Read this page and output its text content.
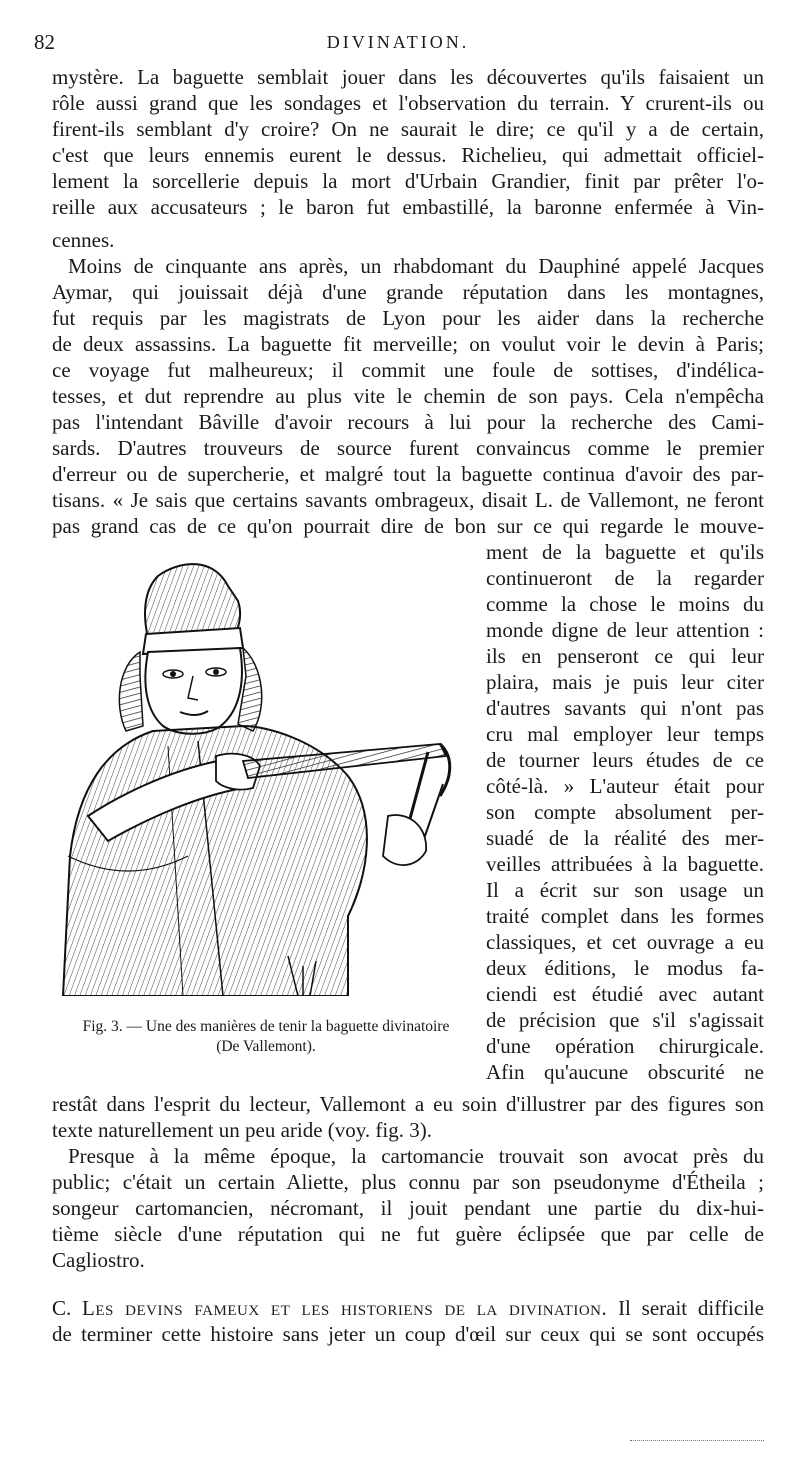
82	DIVINATION.
mystère. La baguette semblait jouer dans les découvertes qu'ils faisaient un
rôle aussi grand que les sondages et l'observation du terrain. Y crurent-ils ou
firent-ils semblant d'y croire? On ne saurait le dire; ce qu'il y a de certain,
c'est que leurs ennemis eurent le dessus. Richelieu, qui admettait officiel-
lement la sorcellerie depuis la mort d'Urbain Grandier, finit par prêter l'o-
reille aux accusateurs ; le baron fut embastillé, la baronne enfermée à Vin-
cennes.
Moins de cinquante ans après, un rhabdomant du Dauphiné appelé Jacques
Aymar, qui jouissait déjà d'une grande réputation dans les montagnes,
fut requis par les magistrats de Lyon pour les aider dans la recherche
de deux assassins. La baguette fit merveille; on voulut voir le devin à Paris;
ce voyage fut malheureux; il commit une foule de sottises, d'indélica-
tesses, et dut reprendre au plus vite le chemin de son pays. Cela n'empêcha
pas l'intendant Bâville d'avoir recours à lui pour la recherche des Cami-
sards. D'autres trouveurs de source furent convaincus comme le premier
d'erreur ou de supercherie, et malgré tout la baguette continua d'avoir des par-
tisans. « Je sais que certains savants ombrageux, disait L. de Vallemont, ne feront
pas grand cas de ce qu'on pourrait dire de bon sur ce qui regarde le mouve-
ment de la baguette et qu'ils
continueront de la regarder
comme la chose le moins du
monde digne de leur attention :
ils en penseront ce qui leur
plaira, mais je puis leur citer
d'autres savants qui n'ont pas
cru mal employer leur temps
de tourner leurs études de ce
côté-là. » L'auteur était pour
son compte absolument per-
suadé de la réalité des mer-
veilles attribuées à la baguette.
Il a écrit sur son usage un
traité complet dans les formes
classiques, et cet ouvrage a eu
deux éditions, le modus fa-
ciendi est étudié avec autant
de précision que s'il s'agissait
d'une opération chirurgicale.
Afin qu'aucune obscurité ne
Fig. 3. — Une des manières de tenir la baguette divinatoire
(De Vallemont).
restât dans l'esprit du lecteur, Vallemont a eu soin d'illustrer par des figures son
texte naturellement un peu aride (voy. fig. 3).
Presque à la même époque, la cartomancie trouvait son avocat près du
public; c'était un certain Aliette, plus connu par son pseudonyme d'Étheila ;
songeur cartomancien, nécromant, il jouit pendant une partie du dix-hui-
tième siècle d'une réputation qui ne fut guère éclipsée que par celle de
Cagliostro.
C. Les devins fameux et les historiens de la divination. Il serait difficile
de terminer cette histoire sans jeter un coup d'œil sur ceux qui se sont occupés
